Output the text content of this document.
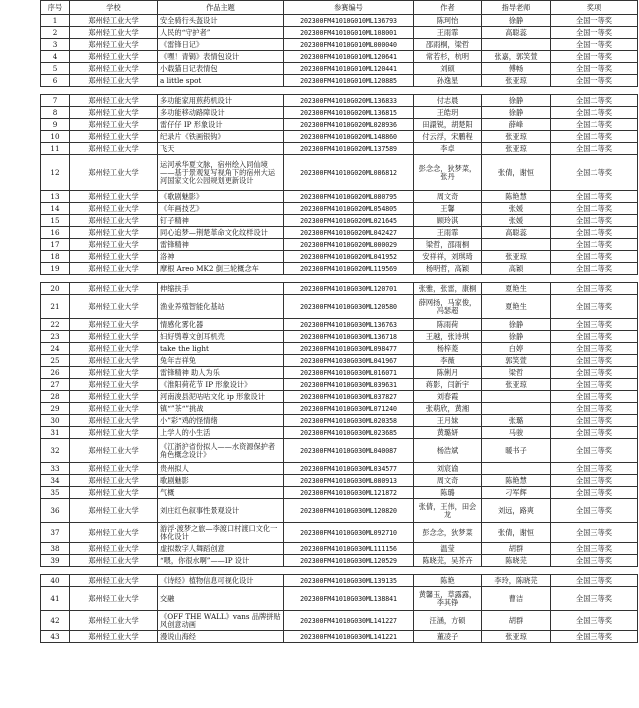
序号	学校	作品主题	参赛编号	作者	指导老师	奖项
1	郑州轻工业大学	安全骑行头盔设计	202300FM41010G010ML136793	陈珂怡	徐静	全国一等奖
2	郑州轻工业大学	人民的“守护者”	202300FM41010G010ML108001	王雨霏	高聪蕊	全国一等奖
3	郑州轻工业大学	《雷锋日记》	202300FM41010G010ML000040	邵雨桐，梁哲		全国一等奖
4	郑州轻工业大学	《嘿！青锔》表情包设计	202300FM41010G010ML120641	常若杉，杭明	张嘉，郭笑萱	全国一等奖
5	郑州轻工业大学	小载猫日记表情包	202300FM41010G010ML120441	刘硕	傅畅	全国一等奖
6	郑州轻工业大学	a little spot	202300FM41010G010ML120885	孙逸星	张亚琼	全国一等奖

7	郑州轻工业大学	多功能家用煎药机设计	202300FM41010G020ML136833	付志晨	徐静	全国二等奖
8	郑州轻工业大学	多功能移动路障设计	202300FM41010G020ML136815	王皓玥	徐静	全国二等奖
9	郑州轻工业大学	雷仔仔 IP 形象设计	202300FM41010G020ML028936	田譞锐，胡楚阳	薛峰	全国二等奖
10	郑州轻工业大学	纪录片《铁画银钩》	202300FM41010G020ML148860	付云浮，宋鹏程	张亚琼	全国二等奖
11	郑州轻工业大学	飞天	202300FM41010G020ML137589	李卓	张亚琼	全国二等奖
12	郑州轻工业大学	运河承华夏文脉，宿州绘入同仙境——基于景观复写视角下的宿州大运河国家文化公园规划更新设计	202300FM41010G020ML086812	彭念念，狄梦菜，张丹	张倩，谢恒	全国二等奖
13	郑州轻工业大学	《歌剧魅影》	202300FM41010G020ML080795	周文奇	陈艳慧	全国二等奖
14	郑州轻工业大学	《年画技艺》	202300FM41010G020ML054805	王馨	张媛	全国二等奖
15	郑州轻工业大学	钉子精神	202300FM41010G020ML021645	顾玲淇	张媛	全国二等奖
16	郑州轻工业大学	同心追梦—荆楚革命文化纹样设计	202300FM41010G020ML042427	王雨霏	高聪蕊	全国二等奖
17	郑州轻工业大学	雷锋精神	202300FM41010G020ML000029	梁哲，邵雨桐		全国二等奖
18	郑州轻工业大学	洛神	202300FM41010G020ML041952	安祥祥，刘琪琦	张亚琼	全国二等奖
19	郑州轻工业大学	摩根 Areo MK2 倒三轮概念车	202300FM41010G020ML119569	杨明哲，高颖	高颖	全国二等奖

20	郑州轻工业大学	伸缩扶手	202300FM41010G030ML120701	张雅，张雷，康桐	夏艳生	全国三等奖
21	郑州轻工业大学	渔业养殖智能化基站	202300FM41010G030ML120580	薛网扬，马家俊，冯瑟超	夏艳生	全国三等奖
22	郑州轻工业大学	情感化雾化器	202300FM41010G030ML136763	陈雨荷	徐静	全国三等奖
23	郑州轻工业大学	妇好鸮尊文创耳机壳	202300FM41010G030ML136718	王越，张诗琪	徐静	全国三等奖
24	郑州轻工业大学	take the light	202300FM41010G030ML098477	杨梓菱	白婷	全国三等奖
25	郑州轻工业大学	兔年吉祥兔	202300FM41030G030ML041967	李薇	郭笑萱	全国三等奖
26	郑州轻工业大学	雷锋精神 助人为乐	202300FM41010G030ML016071	陈俐月	梁哲	全国三等奖
27	郑州轻工业大学	《淮阳荷花节 IP 形象设计》	202300FM41010G030ML039631	蒋影，闫新宇	张亚琼	全国三等奖
28	郑州轻工业大学	河南浚县泥咕咕文化 ip 形象设计	202300FM41010G030ML037827	刘春霞		全国三等奖
29	郑州轻工业大学	镇“”茶“”挑战	202300FM41010G030ML071240	张萌欣，黄湘		全国三等奖
30	郑州轻工业大学	小”彩“鸡的怪情绪	202300FM41010G030ML020358	王月妹	张璐	全国三等奖
31	郑州轻工业大学	上学人的小生活	202300FM41010G030ML023685	黄璐妍	马骏	全国三等奖
32	郑州轻工业大学	《江浙沪省份拟人——水资源保护者角色概念设计》	202300FM41010G030ML040087	杨浩斌	暖书子	全国三等奖
33	郑州轻工业大学	贵州拟人	202300FM41010G030ML034577	刘宸谕		全国三等奖
34	郑州轻工业大学	歌剧魅影	202300FM41010G030ML080913	周文奇	陈艳慧	全国三等奖
35	郑州轻工业大学	气概	202300FM41010G030ML121872	陈璐	刁军辉	全国三等奖
36	郑州轻工业大学	刘庄红色叙事性景观设计	202300FM41010G030ML120820	张倩，王伟，田会龙	刘远，路爽	全国三等奖
37	郑州轻工业大学	游浮·渡梦之旅—李渡口村渡口文化一体化设计	202300FM41010G030ML092710	彭念念，狄梦菜	张倩，谢恒	全国三等奖
38	郑州轻工业大学	虚拟数字人舞蹈创意	202300FM41010G030ML111156	温莹	胡群	全国三等奖
39	郑州轻工业大学	“喂，你很水啊”——IP 设计	202300FM41010G030ML120529	陈晓芫，吴芥卉	陈晓芫	全国三等奖

40	郑州轻工业大学	《诗经》植物信息可视化设计	202300FM41010G030ML139135	陈艳	李玲，陈晓芫	全国三等奖
41	郑州轻工业大学	交融	202300FM41010G030ML138841	黄馨玉，草露露，李其铮	曹洁	全国三等奖
42	郑州轻工业大学	《OFF THE WALL》vans 品牌拼贴风创意动画	202300FM41010G030ML141227	汪涵，方硕	胡群	全国三等奖
43	郑州轻工业大学	漫说山海经	202300FM41010G030ML141221	董凌子	张亚琼	全国三等奖
